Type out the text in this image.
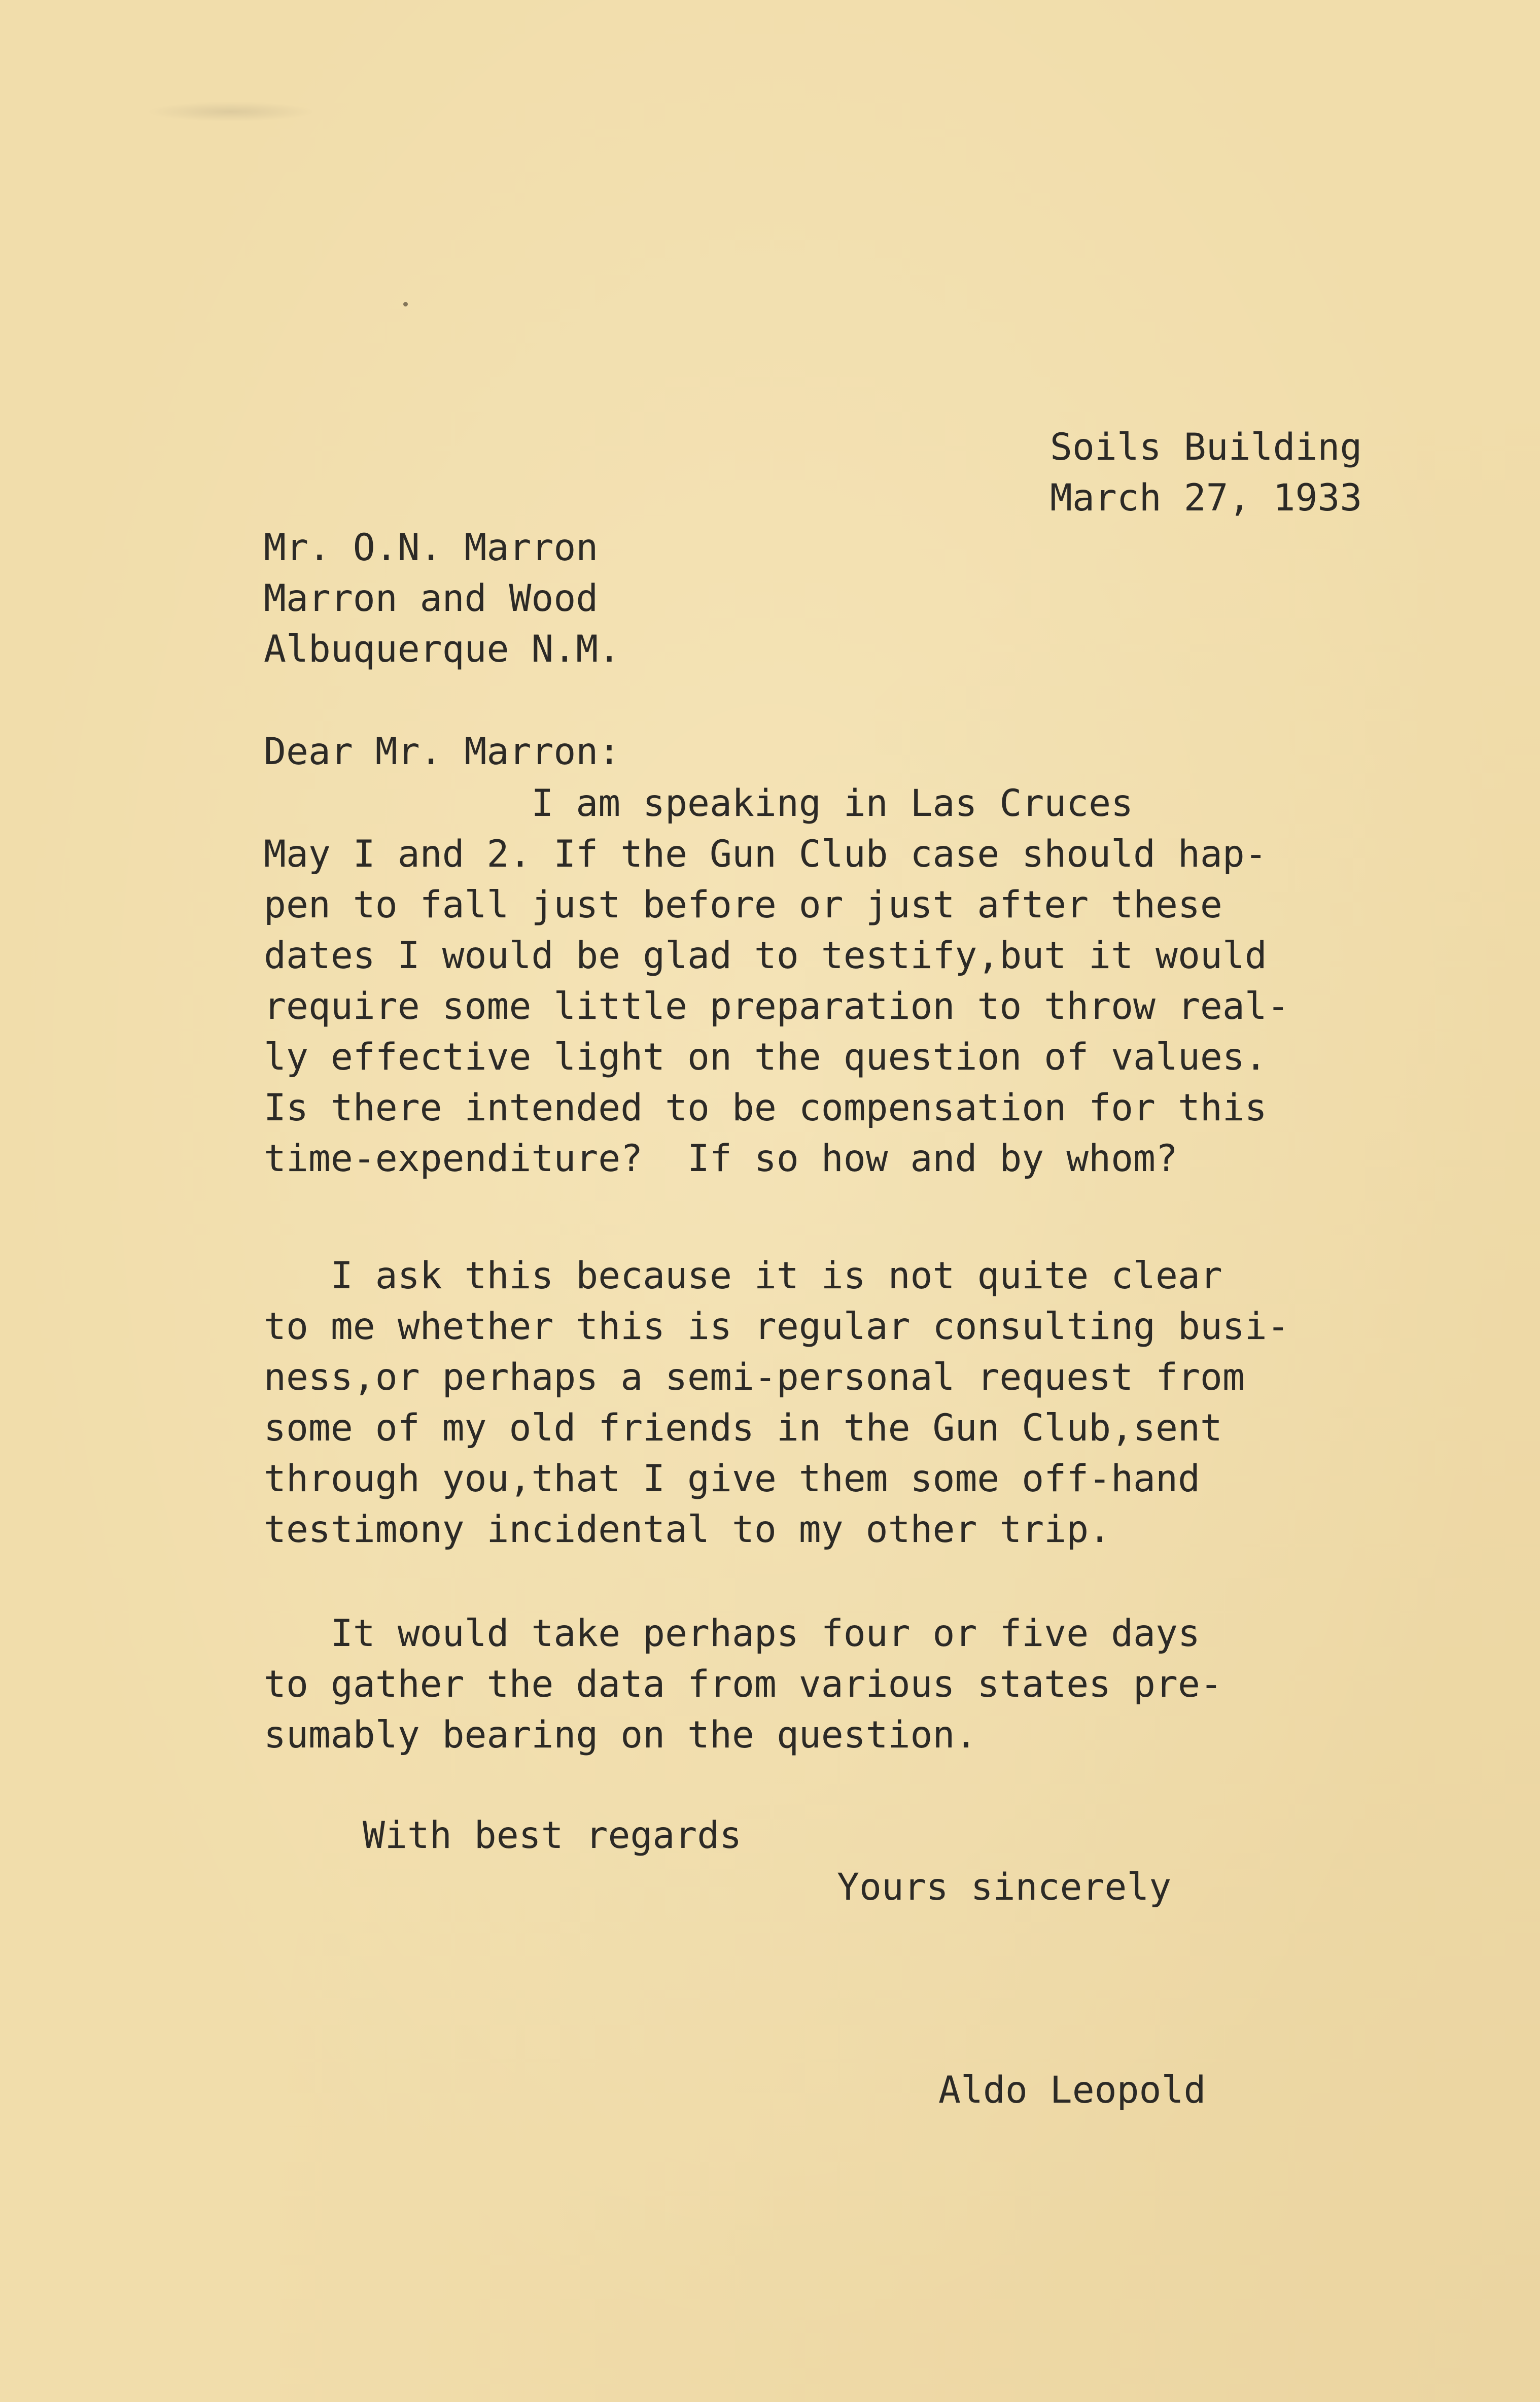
Soils Building
March 27, 1933
Mr. O.N. Marron
Marron and Wood
Albuquerque N.M.
Dear Mr. Marron:
I am speaking in Las Cruces
May I and 2. If the Gun Club case should hap-
pen to fall just before or just after these
dates I would be glad to testify,but it would
require some little preparation to throw real-
ly effective light on the question of values.
Is there intended to be compensation for this
time-expenditure?  If so how and by whom?
I ask this because it is not quite clear
to me whether this is regular consulting busi-
ness,or perhaps a semi-personal request from
some of my old friends in the Gun Club,sent
through you,that I give them some off-hand
testimony incidental to my other trip.
It would take perhaps four or five days
to gather the data from various states pre-
sumably bearing on the question.
With best regards
Yours sincerely
Aldo Leopold
